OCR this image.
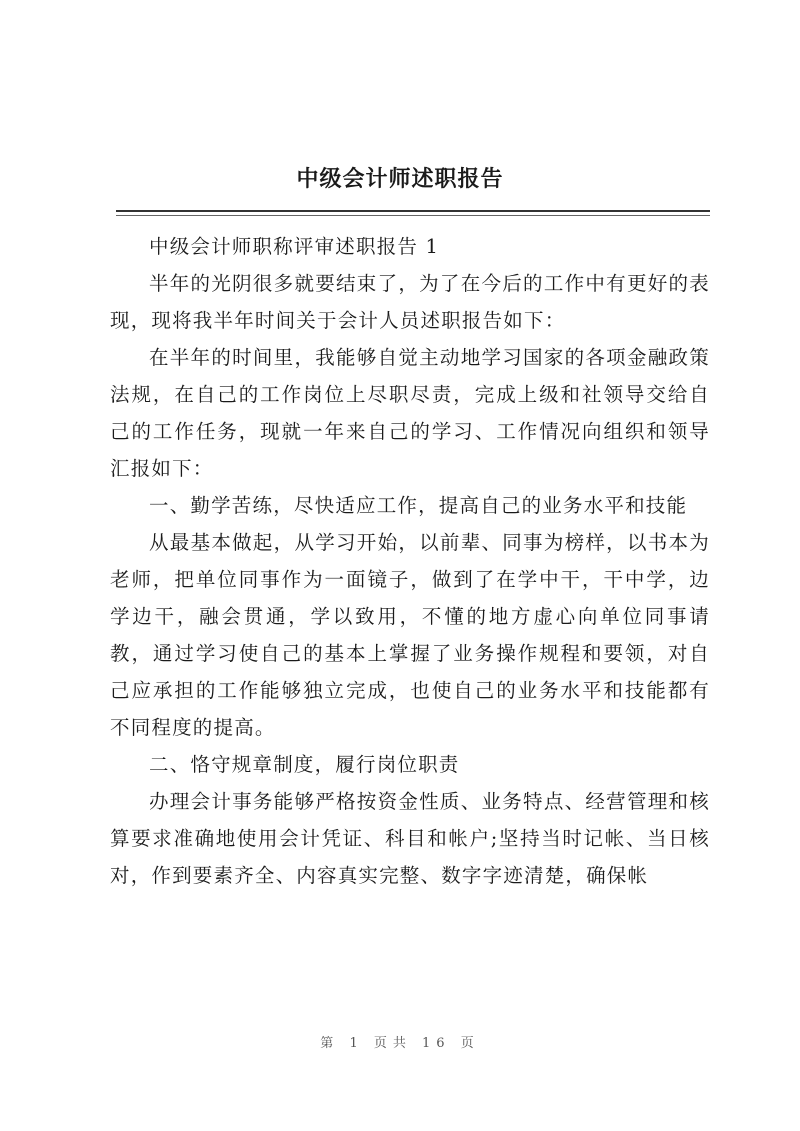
中级会计师述职报告

中级会计师职称评审述职报告 1

半年的光阴很多就要结束了，为了在今后的工作中有更好的表现，现将我半年时间关于会计人员述职报告如下：

在半年的时间里，我能够自觉主动地学习国家的各项金融政策法规，在自己的工作岗位上尽职尽责，完成上级和社领导交给自己的工作任务，现就一年来自己的学习、工作情况向组织和领导汇报如下：

一、勤学苦练，尽快适应工作，提高自己的业务水平和技能

从最基本做起，从学习开始，以前辈、同事为榜样，以书本为老师，把单位同事作为一面镜子，做到了在学中干，干中学，边学边干，融会贯通，学以致用，不懂的地方虚心向单位同事请教，通过学习使自己的基本上掌握了业务操作规程和要领，对自己应承担的工作能够独立完成，也使自己的业务水平和技能都有不同程度的提高。

二、恪守规章制度，履行岗位职责

办理会计事务能够严格按资金性质、业务特点、经营管理和核算要求准确地使用会计凭证、科目和帐户;坚持当时记帐、当日核对，作到要素齐全、内容真实完整、数字字迹清楚，确保帐

第 1 页共 16 页
